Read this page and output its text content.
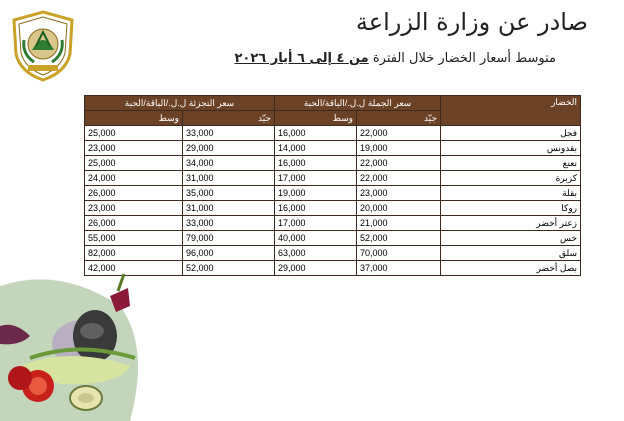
صادر عن وزارة الزراعة
متوسط أسعار الخضار خلال الفترة من ٤ إلى ٦ أيار ٢٠٢٦
الخضار	سعر الجملة ل.ل./الباقة/الحبة		سعر التجزئة ل.ل./الباقة/الحبة	
	جيّد	وسط	جيّد	وسط
فجل	22,000	16,000	33,000	25,000
بقدونس	19,000	14,000	29,000	23,000
نعنع	22,000	16,000	34,000	25,000
كزبرة	22,000	17,000	31,000	24,000
بقلة	23,000	19,000	35,000	26,000
روكا	20,000	16,000	31,000	23,000
زعتر أخضر	21,000	17,000	33,000	26,000
خس	52,000	40,000	79,000	55,000
سلق	70,000	63,000	96,000	82,000
بصل أخضر	37,000	29,000	52,000	42,000
